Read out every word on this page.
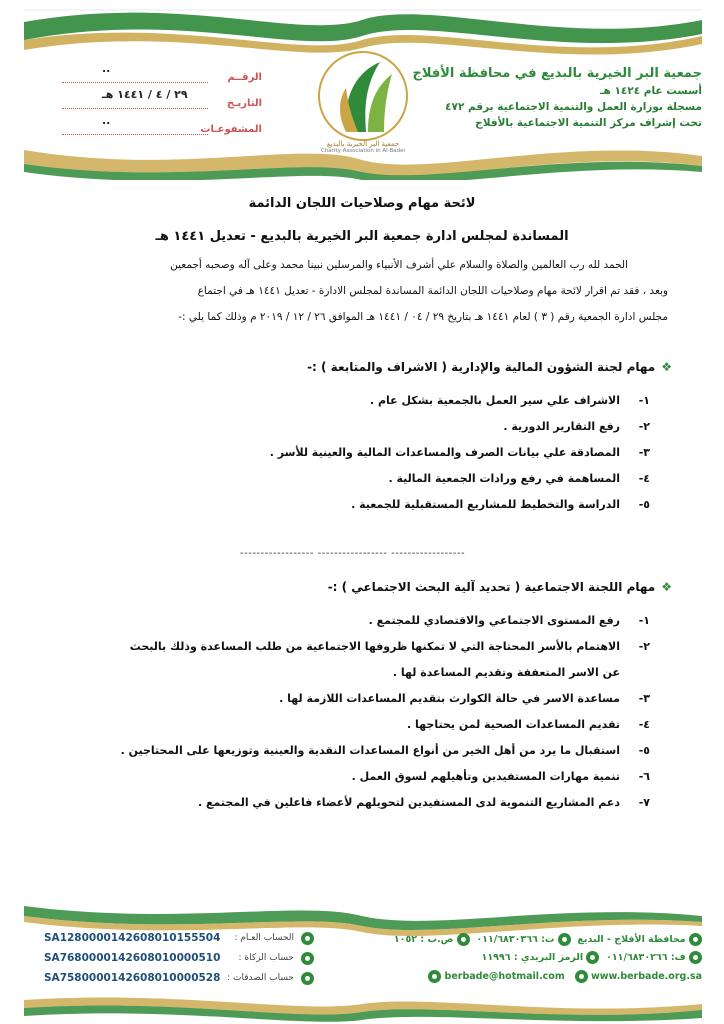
جمعية البر الخيرية بالبديع في محافظة الأفلاج
أسست عام ١٤٢٤ هـ
مسجلة بوزارة العمل والتنمية الاجتماعية برقم ٤٧٢
تحت إشراف مركز التنمية الاجتماعية بالأفلاج
جمعية البر الخيرية بالبديع
Charity Association in Al-Badei
الرقــم
..
التاريـخ
٢٩ / ٤ / ١٤٤١ هـ
المشفوعـات
..
لائحة مهام وصلاحيات اللجان الدائمة
المساندة لمجلس ادارة جمعية البر الخيرية بالبديع - تعديل ١٤٤١ هـ
الحمد لله رب العالمين والصلاة والسلام علي أشرف الأنبياء والمرسلين نبينا محمد وعلى آله وصحبه أجمعين
وبعد ، فقد تم اقرار لائحة مهام وصلاحيات اللجان الدائمة المساندة لمجلس الادارة - تعديل ١٤٤١ هـ في اجتماع
مجلس ادارة الجمعية رقم ( ٣ ) لعام ١٤٤١ هـ بتاريخ ٢٩ / ٠٤ / ١٤٤١ هـ الموافق ٢٦ / ١٢ / ٢٠١٩ م وذلك كما يلي :-
❖مهام لجنة الشؤون المالية والإدارية ( الاشراف والمتابعة ) :-
١-
الاشراف علي سير العمل بالجمعية بشكل عام .
٢-
رفع التقارير الدورية .
٣-
المصادقة علي بيانات الصرف والمساعدات المالية والعينية للأسر .
٤-
المساهمة في رفع ورادات الجمعية المالية .
٥-
الدراسة والتخطيط للمشاريع المستقبلية للجمعية .
------------------ ----------------- ------------------
❖مهام اللجنة الاجتماعية ( تحديد آلية البحث الاجتماعي ) :-
١-
رفع المستوى الاجتماعي والاقتصادي للمجتمع .
٢-
الاهتمام بالأسر المحتاجة التي لا تمكنها ظروفها الاجتماعية من طلب المساعدة وذلك بالبحث
عن الاسر المتعففة وتقديم المساعدة لها .
٣-
مساعدة الاسر في حالة الكوارث بتقديم المساعدات اللازمة لها .
٤-
تقديم المساعدات الصحية لمن يحتاجها .
٥-
استقبال ما يرد من أهل الخير من أنواع المساعدات النقدية والعينية وتوزيعها على المحتاجين .
٦-
تنمية مهارات المستفيدين وتأهيلهم لسوق العمل .
٧-
دعم المشاريع التنموية لدى المستفيدين لتحويلهم لأعضاء فاعلين في المجتمع .
محافظة الأفلاج - البديع   ت: ٠١١/٦٨٣٠٣٦٦   ص.ب : ١٠٥٢
ف: ٠١١/٦٨٣٠٢٦٦   الرمز البريدي : ١١٩٩٦
berbade@hotmail.com	www.berbade.org.sa
SA1280000142608010155504 الحساب العـام :
SA7680000142608010000510 حساب الزكاة :
SA7580000142608010000528 حساب الصدقات :
